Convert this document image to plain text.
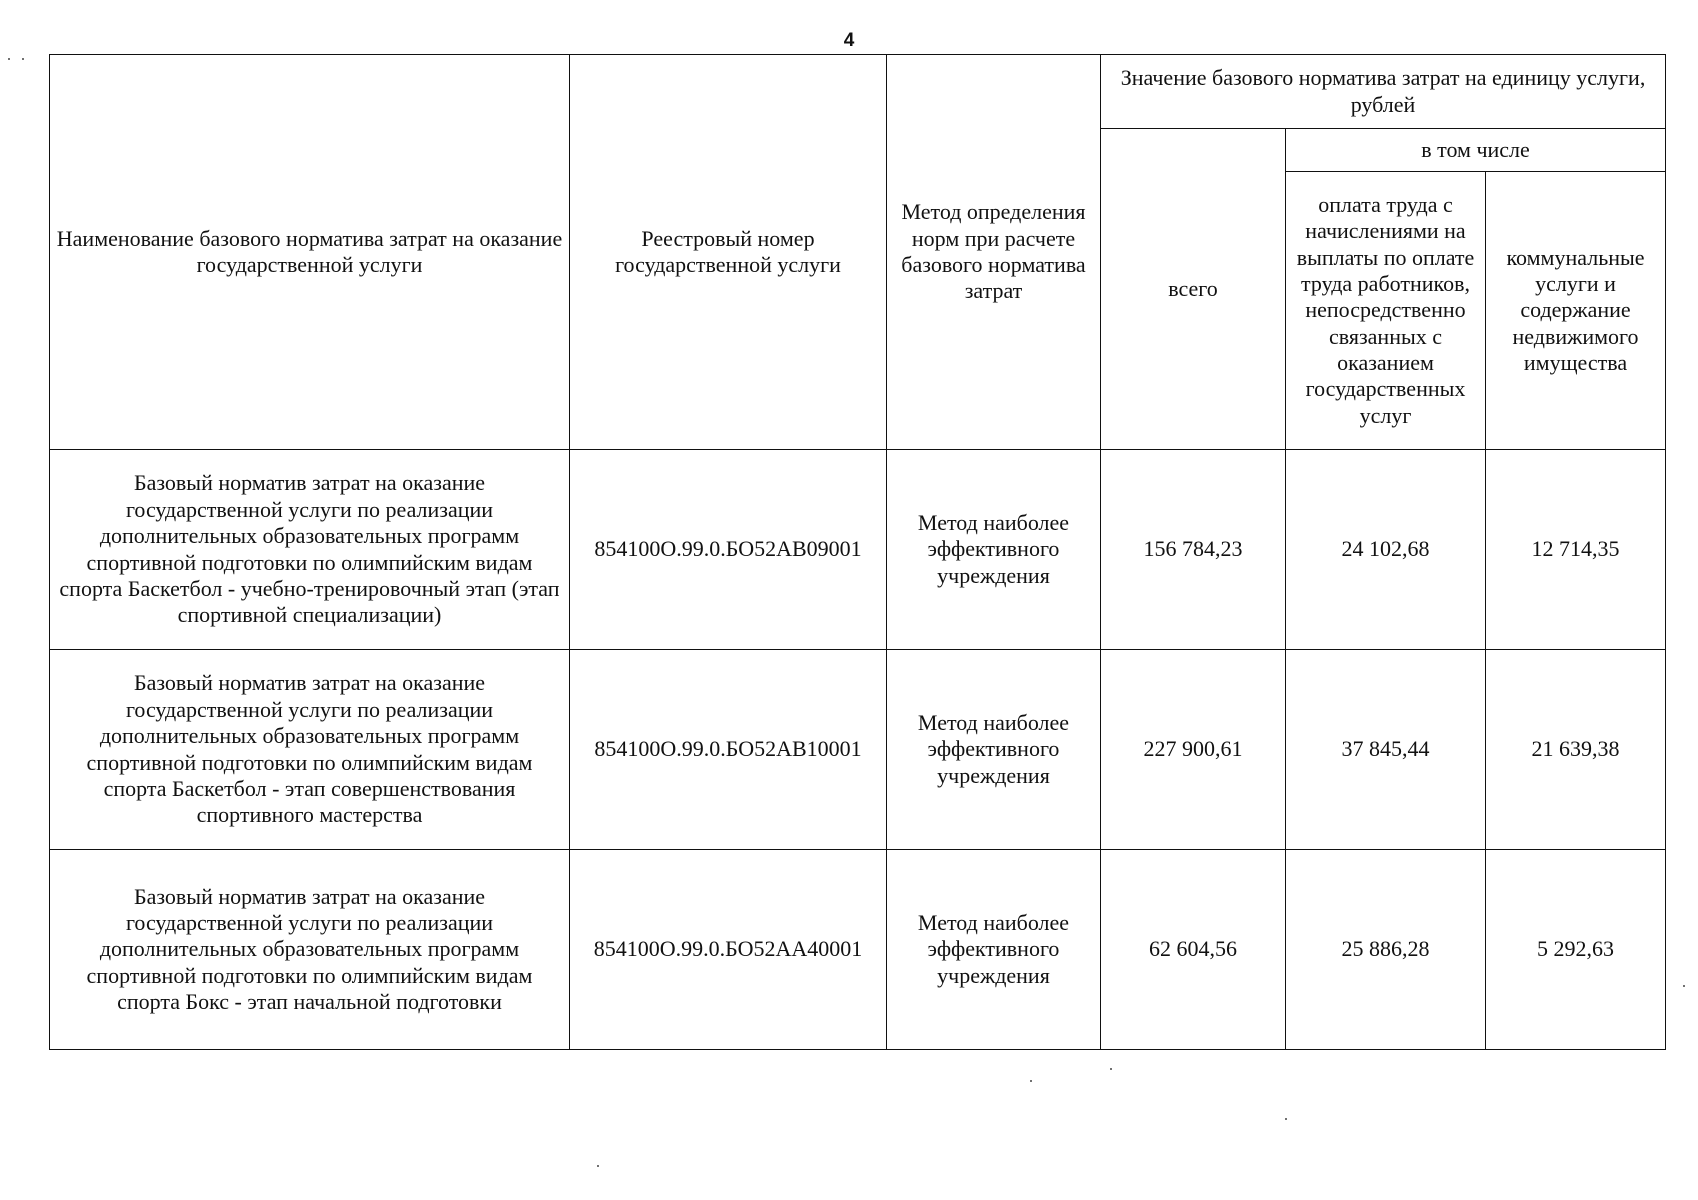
4
Наименование базового норматива затрат на оказание государственной услуги	Реестровый номер государственной услуги	Метод определения норм при расчете базового норматива затрат	Значение базового норматива затрат на единицу услуги, рублей		
			всего	в том числе	
				оплата труда с начислениями на выплаты по оплате труда работников, непосредственно связанных с оказанием государственных услуг	коммунальные услуги и содержание недвижимого имущества
Базовый норматив затрат на оказание государственной услуги по реализации дополнительных образовательных программ спортивной подготовки по олимпийским видам спорта Баскетбол - учебно-тренировочный этап (этап спортивной специализации)	854100О.99.0.БО52АВ09001	Метод наиболее эффективного учреждения	156 784,23	24 102,68	12 714,35
Базовый норматив затрат на оказание государственной услуги по реализации дополнительных образовательных программ спортивной подготовки по олимпийским видам спорта Баскетбол - этап совершенствования спортивного мастерства	854100О.99.0.БО52АВ10001	Метод наиболее эффективного учреждения	227 900,61	37 845,44	21 639,38
Базовый норматив затрат на оказание государственной услуги по реализации дополнительных образовательных программ спортивной подготовки по олимпийским видам спорта Бокс - этап начальной подготовки	854100О.99.0.БО52АА40001	Метод наиболее эффективного учреждения	62 604,56	25 886,28	5 292,63
